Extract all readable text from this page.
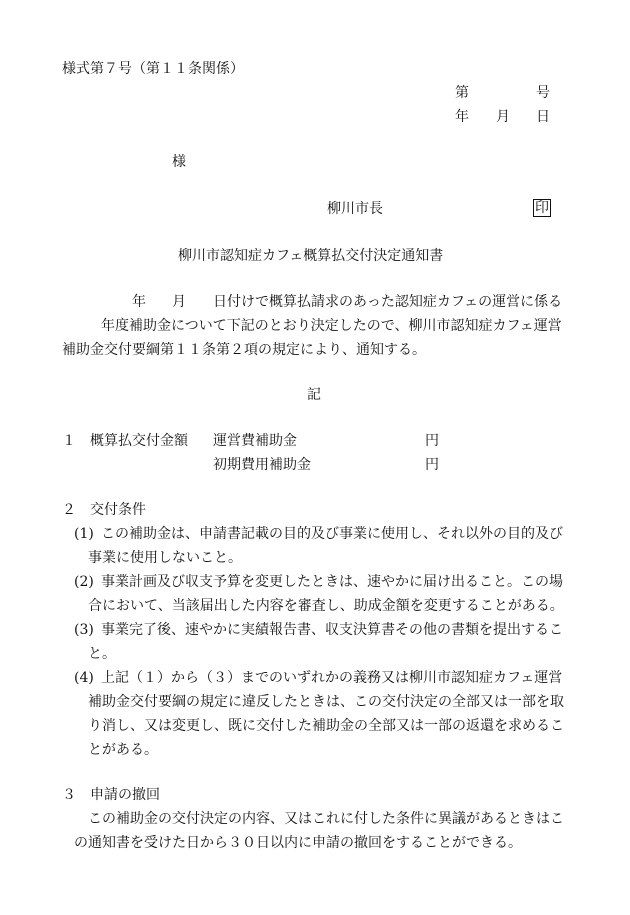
様式第７号（第１１条関係）
第	号
年 月 日
様
柳川市長	印
柳川市認知症カフェ概算払交付決定通知書
年 月 日付けで概算払請求のあった認知症カフェの運営に係る
年度補助金について下記のとおり決定したので、柳川市認知症カフェ運営
補助金交付要綱第１１条第２項の規定により、通知する。
記
１ 概算払交付金額 運営費補助金	円
初期費用補助金	円
２ 交付条件
(1) この補助金は、申請書記載の目的及び事業に使用し、それ以外の目的及び
事業に使用しないこと。
(2) 事業計画及び収支予算を変更したときは、速やかに届け出ること。この場
合において、当該届出した内容を審査し、助成金額を変更することがある。
(3) 事業完了後、速やかに実績報告書、収支決算書その他の書類を提出するこ
と。
(4) 上記（１）から（３）までのいずれかの義務又は柳川市認知症カフェ運営
補助金交付要綱の規定に違反したときは、この交付決定の全部又は一部を取
り消し、又は変更し、既に交付した補助金の全部又は一部の返還を求めるこ
とがある。
３ 申請の撤回
この補助金の交付決定の内容、又はこれに付した条件に異議があるときはこ
の通知書を受けた日から３０日以内に申請の撤回をすることができる。
